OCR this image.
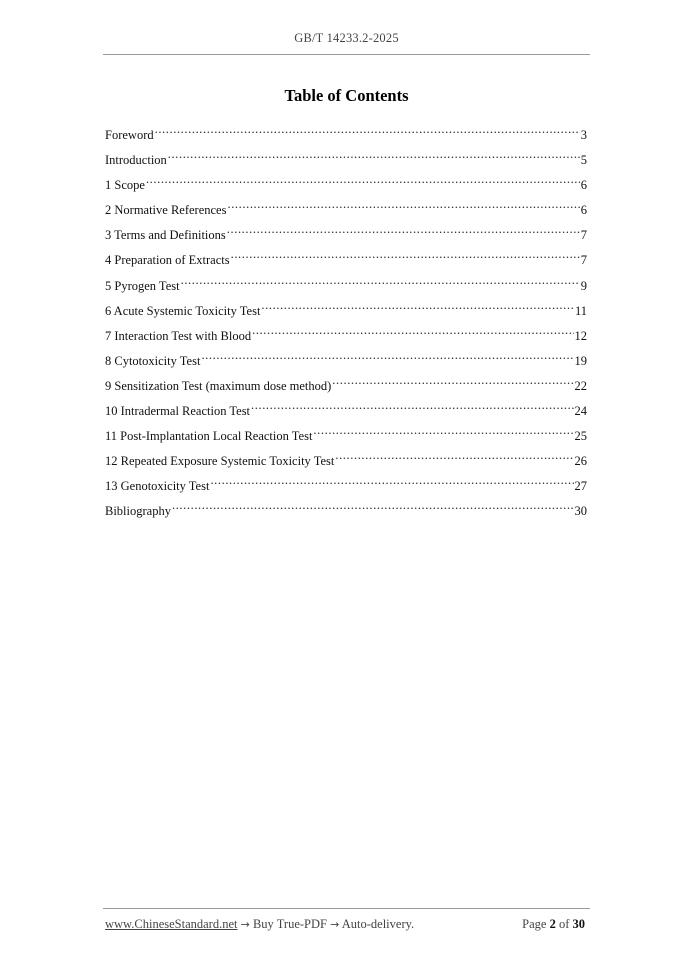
GB/T 14233.2-2025
Table of Contents
Foreword .....	3
Introduction .....	5
1 Scope .....	6
2 Normative References .....	6
3 Terms and Definitions .....	7
4 Preparation of Extracts .....	7
5 Pyrogen Test .....	9
6 Acute Systemic Toxicity Test .....	11
7 Interaction Test with Blood .....	12
8 Cytotoxicity Test .....	19
9 Sensitization Test (maximum dose method) .....	22
10 Intradermal Reaction Test .....	24
11 Post-Implantation Local Reaction Test .....	25
12 Repeated Exposure Systemic Toxicity Test .....	26
13 Genotoxicity Test .....	27
Bibliography .....	30
www.ChineseStandard.net → Buy True-PDF → Auto-delivery.	Page 2 of 30
